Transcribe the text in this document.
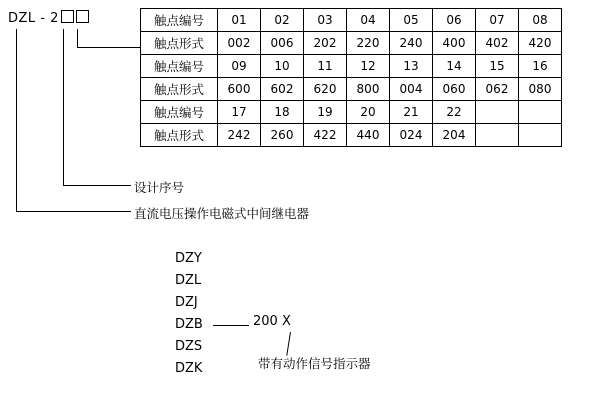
DZL - 2
设计序号
直流电压操作电磁式中间继电器
触点编号	01	02	03	04	05	06	07	08
触点形式	002	006	202	220	240	400	402	420
触点编号	09	10	11	12	13	14	15	16
触点形式	600	602	620	800	004	060	062	080
触点编号	17	18	19	20	21	22		
触点形式	242	260	422	440	024	204		
DZY
DZL
DZJ
DZB
DZS
DZK
200 X
带有动作信号指示器
